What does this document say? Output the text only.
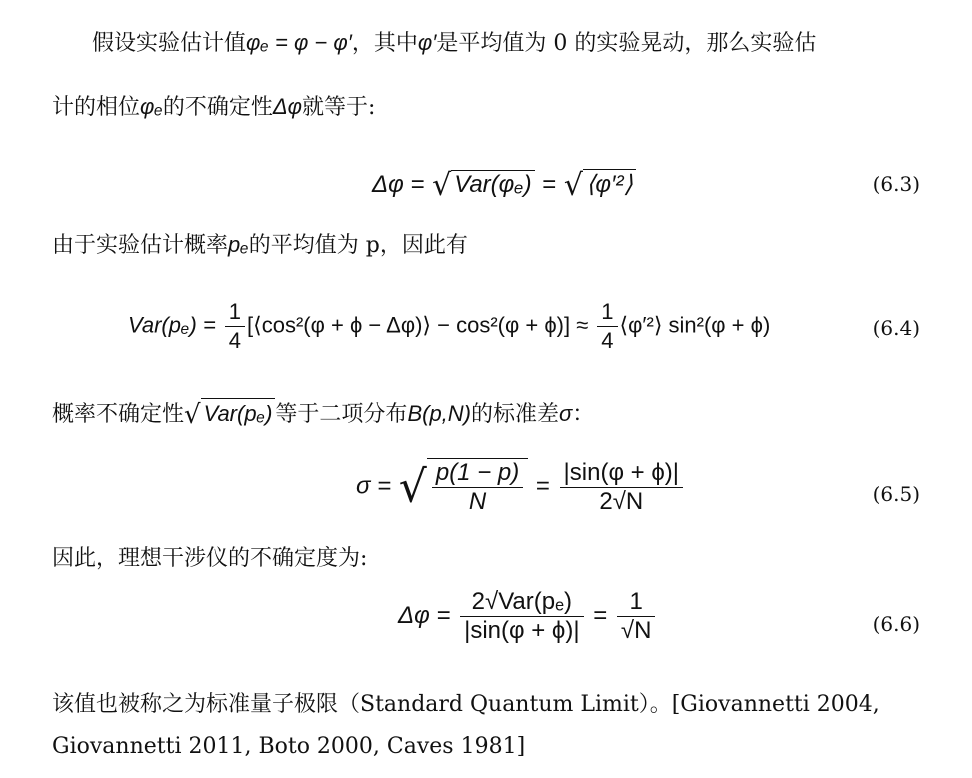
假设实验估计值φₑ = φ − φ′，其中φ′是平均值为 0 的实验晃动，那么实验估
计的相位φₑ的不确定性Δφ就等于:
Δφ = √ Var(φₑ) = √ ⟨φ′²⟩	(6.3)
由于实验估计概率pₑ的平均值为 p，因此有
$Var(p_e) = \frac{1}{4}$ [⟨cos²(φ + ϕ − Δφ)⟩ − $\cos^2(\varphi + \phi)] \approx \frac{1}{4}$ ⟨φ′²⟩ sin²(φ + ϕ)	(6.4)
概率不确定性√ Var(pₑ) 等于二项分布B(p,N)的标准差σ：
σ = √ $\frac{p(1 - p)}{N} = \frac{|\sin(\varphi + \phi)|}{2√N}$	(6.5)
因此，理想干涉仪的不确定度为:
$\Delta\varphi = \frac{\text{2√Var(pₑ)}}{|\sin(\varphi + \phi)|} = \frac{1}{√N}$	(6.6)
该值也被称之为标准量子极限（Standard Quantum Limit）。[Giovannetti 2004,
Giovannetti 2011, Boto 2000, Caves 1981]
